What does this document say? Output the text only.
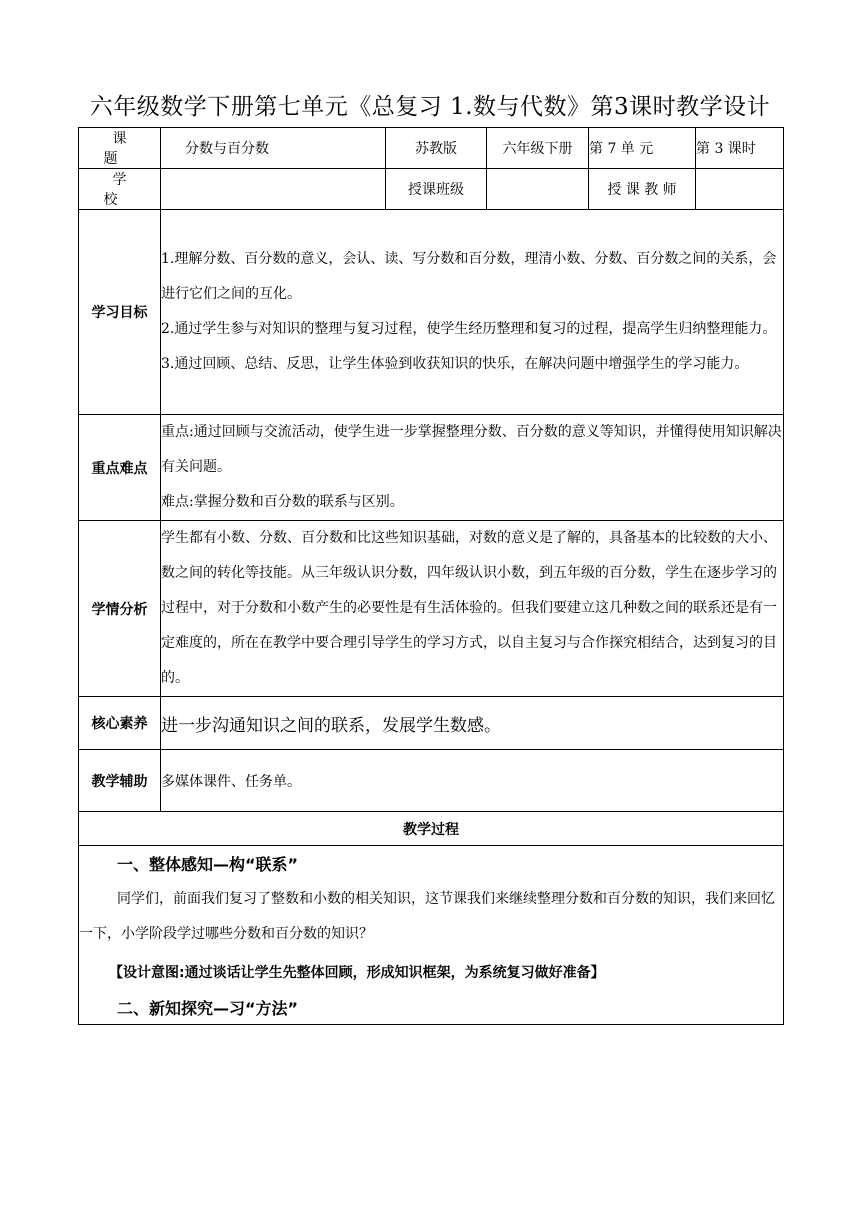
六年级数学下册第七单元《总复习 1.数与代数》第3课时教学设计
课 题	分数与百分数	苏教版	六年级下册	第 7 单 元	第 3 课时
学 校		授课班级		授 课 教 师	
学习目标	1.理解分数、百分数的意义，会认、读、写分数和百分数，理清小数、分数、百分数之间的关系，会进行它们之间的互化。

2.通过学生参与对知识的整理与复习过程，使学生经历整理和复习的过程，提高学生归纳整理能力。

3.通过回顾、总结、反思，让学生体验到收获知识的快乐，在解决问题中增强学生的学习能力。				

重点难点	重点:通过回顾与交流活动，使学生进一步掌握整理分数、百分数的意义等知识，并懂得使用知识解决有关问题。

难点:掌握分数和百分数的联系与区别。				

学情分析	学生都有小数、分数、百分数和比这些知识基础，对数的意义是了解的，具备基本的比较数的大小、数之间的转化等技能。从三年级认识分数，四年级认识小数，到五年级的百分数，学生在逐步学习的过程中，对于分数和小数产生的必要性是有生活体验的。但我们要建立这几种数之间的联系还是有一定难度的，所在在教学中要合理引导学生的学习方式，以自主复习与合作探究相结合，达到复习的目的。				

核心素养	进一步沟通知识之间的联系，发展学生数感。				
教学辅助	多媒体课件、任务单。				
教学过程					

一、整体感知—构“联系”
同学们，前面我们复习了整数和小数的相关知识，这节课我们来继续整理分数和百分数的知识，我们来回忆一下，小学阶段学过哪些分数和百分数的知识？
【设计意图:通过谈话让学生先整体回顾，形成知识框架，为系统复习做好准备】
二、新知探究—习“方法”					
